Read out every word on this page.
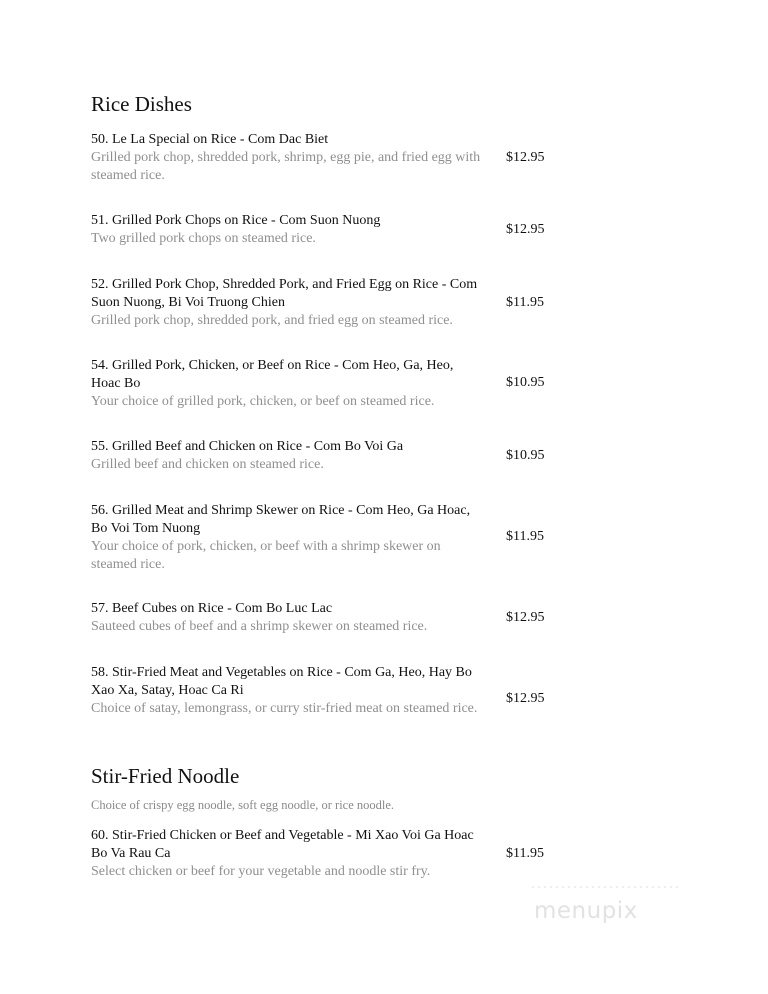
Rice Dishes
50. Le La Special on Rice - Com Dac Biet
Grilled pork chop, shredded pork, shrimp, egg pie, and fried egg with steamed rice.
$12.95
51. Grilled Pork Chops on Rice - Com Suon Nuong
Two grilled pork chops on steamed rice.
$12.95
52. Grilled Pork Chop, Shredded Pork, and Fried Egg on Rice - Com Suon Nuong, Bi Voi Truong Chien
Grilled pork chop, shredded pork, and fried egg on steamed rice.
$11.95
54. Grilled Pork, Chicken, or Beef on Rice - Com Heo, Ga, Heo, Hoac Bo
Your choice of grilled pork, chicken, or beef on steamed rice.
$10.95
55. Grilled Beef and Chicken on Rice - Com Bo Voi Ga
Grilled beef and chicken on steamed rice.
$10.95
56. Grilled Meat and Shrimp Skewer on Rice - Com Heo, Ga Hoac, Bo Voi Tom Nuong
Your choice of pork, chicken, or beef with a shrimp skewer on steamed rice.
$11.95
57. Beef Cubes on Rice - Com Bo Luc Lac
Sauteed cubes of beef and a shrimp skewer on steamed rice.
$12.95
58. Stir-Fried Meat and Vegetables on Rice - Com Ga, Heo, Hay Bo Xao Xa, Satay, Hoac Ca Ri
Choice of satay, lemongrass, or curry stir-fried meat on steamed rice.
$12.95
Stir-Fried Noodle
Choice of crispy egg noodle, soft egg noodle, or rice noodle.
60. Stir-Fried Chicken or Beef and Vegetable - Mi Xao Voi Ga Hoac Bo Va Rau Ca
Select chicken or beef for your vegetable and noodle stir fry.
$11.95
menupix
